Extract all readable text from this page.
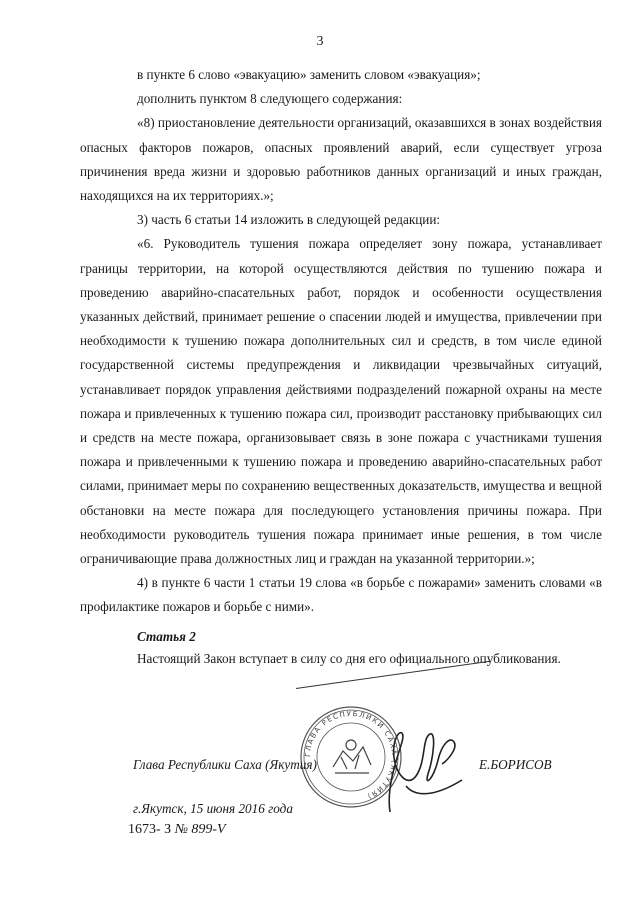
3

в пункте 6 слово «эвакуацию» заменить словом «эвакуация»;

дополнить пунктом 8 следующего содержания:

«8) приостановление деятельности организаций, оказавшихся в зонах воздействия опасных факторов пожаров, опасных проявлений аварий, если существует угроза причинения вреда жизни и здоровью работников данных организаций и иных граждан, находящихся на их территориях.»;

3) часть 6 статьи 14 изложить в следующей редакции:

«6. Руководитель тушения пожара определяет зону пожара, устанавливает границы территории, на которой осуществляются действия по тушению пожара и проведению аварийно-спасательных работ, порядок и особенности осуществления указанных действий, принимает решение о спасении людей и имущества, привлечении при необходимости к тушению пожара дополнительных сил и средств, в том числе единой государственной системы предупреждения и ликвидации чрезвычайных ситуаций, устанавливает порядок управления действиями подразделений пожарной охраны на месте пожара и привлеченных к тушению пожара сил, производит расстановку прибывающих сил и средств на месте пожара, организовывает связь в зоне пожара с участниками тушения пожара и привлеченными к тушению пожара и проведению аварийно-спасательных работ силами, принимает меры по сохранению вещественных доказательств, имущества и вещной обстановки на месте пожара для последующего установления причины пожара. При необходимости руководитель тушения пожара принимает иные решения, в том числе ограничивающие права должностных лиц и граждан на указанной территории.»;

4) в пункте 6 части 1 статьи 19 слова «в борьбе с пожарами» заменить словами «в профилактике пожаров и борьбе с ними».

Статья 2
Настоящий Закон вступает в силу со дня его официального опубликования.
ГЛАВА РЕСПУБЛИКИ САХА (ЯКУТИЯ)
Глава Республики Саха (Якутия)	Е.БОРИСОВ
г.Якутск, 15 июня 2016 года
1673- З № 899-V
